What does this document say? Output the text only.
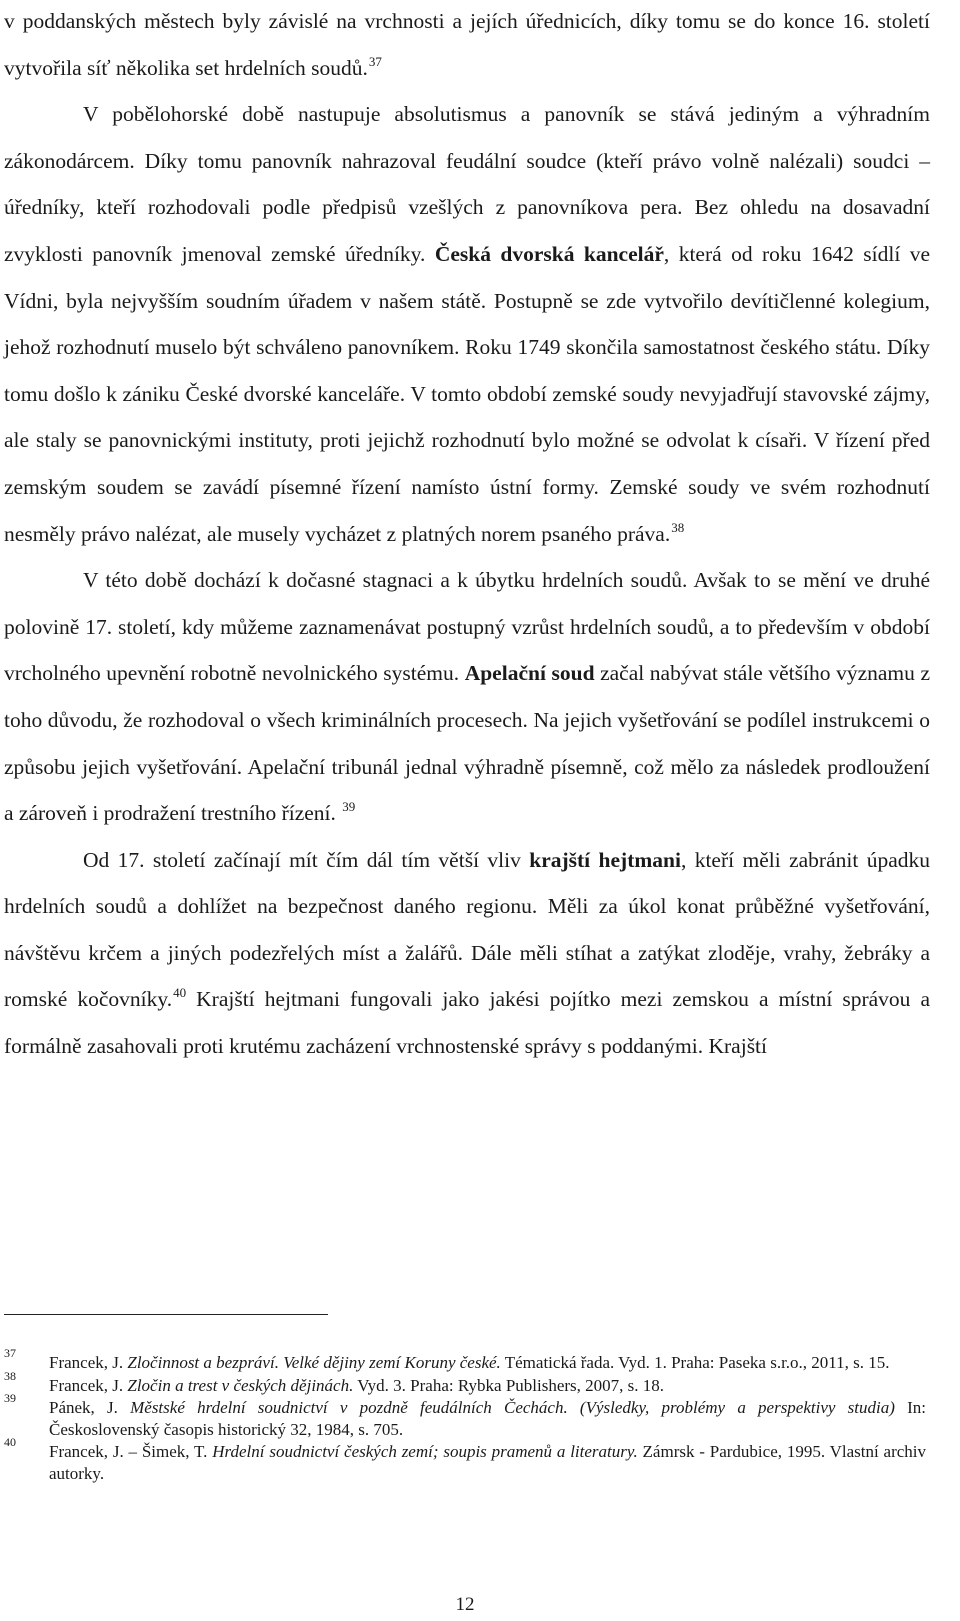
v poddanských městech byly závislé na vrchnosti a jejích úřednicích, díky tomu se do konce 16. století vytvořila síť několika set hrdelních soudů.$^{37}$

V pobělohorské době nastupuje absolutismus a panovník se stává jediným a výhradním zákonodárcem. Díky tomu panovník nahrazoval feudální soudce (kteří právo volně nalézali) soudci – úředníky, kteří rozhodovali podle předpisů vzešlých z panovníkova pera. Bez ohledu na dosavadní zvyklosti panovník jmenoval zemské úředníky. Česká dvorská kancelář, která od roku 1642 sídlí ve Vídni, byla nejvyšším soudním úřadem v našem státě. Postupně se zde vytvořilo devítičlenné kolegium, jehož rozhodnutí muselo být schváleno panovníkem. Roku 1749 skončila samostatnost českého státu. Díky tomu došlo k zániku České dvorské kanceláře. V tomto období zemské soudy nevyjadřují stavovské zájmy, ale staly se panovnickými instituty, proti jejichž rozhodnutí bylo možné se odvolat k císaři. V řízení před zemským soudem se zavádí písemné řízení namísto ústní formy. Zemské soudy ve svém rozhodnutí nesměly právo nalézat, ale musely vycházet z platných norem psaného práva.$^{38}$

V této době dochází k dočasné stagnaci a k úbytku hrdelních soudů. Avšak to se mění ve druhé polovině 17. století, kdy můžeme zaznamenávat postupný vzrůst hrdelních soudů, a to především v období vrcholného upevnění robotně nevolnického systému. Apelační soud začal nabývat stále většího významu z toho důvodu, že rozhodoval o všech kriminálních procesech. Na jejich vyšetřování se podílel instrukcemi o způsobu jejich vyšetřování. Apelační tribunál jednal výhradně písemně, což mělo za následek prodloužení a zároveň i prodražení trestního řízení. $^{39}$

Od 17. století začínají mít čím dál tím větší vliv krajští hejtmani, kteří měli zabránit úpadku hrdelních soudů a dohlížet na bezpečnost daného regionu. Měli za úkol konat průběžné vyšetřování, návštěvu krčem a jiných podezřelých míst a žalářů. Dále měli stíhat a zatýkat zloděje, vrahy, žebráky a romské kočovníky.$^{40}$ Krajští hejtmani fungovali jako jakési pojítko mezi zemskou a místní správou a formálně zasahovali proti krutému zacházení vrchnostenské správy s poddanými. Krajští

37 Francek, J. Zločinnost a bezpráví. Velké dějiny zemí Koruny české. Tématická řada. Vyd. 1. Praha: Paseka s.r.o., 2011, s. 15.
38 Francek, J. Zločin a trest v českých dějinách. Vyd. 3. Praha: Rybka Publishers, 2007, s. 18.
39 Pánek, J. Městské hrdelní soudnictví v pozdně feudálních Čechách. (Výsledky, problémy a perspektivy studia) In: Československý časopis historický 32, 1984, s. 705.
40 Francek, J. – Šimek, T. Hrdelní soudnictví českých zemí; soupis pramenů a literatury. Zámrsk - Pardubice, 1995. Vlastní archiv autorky.
12
